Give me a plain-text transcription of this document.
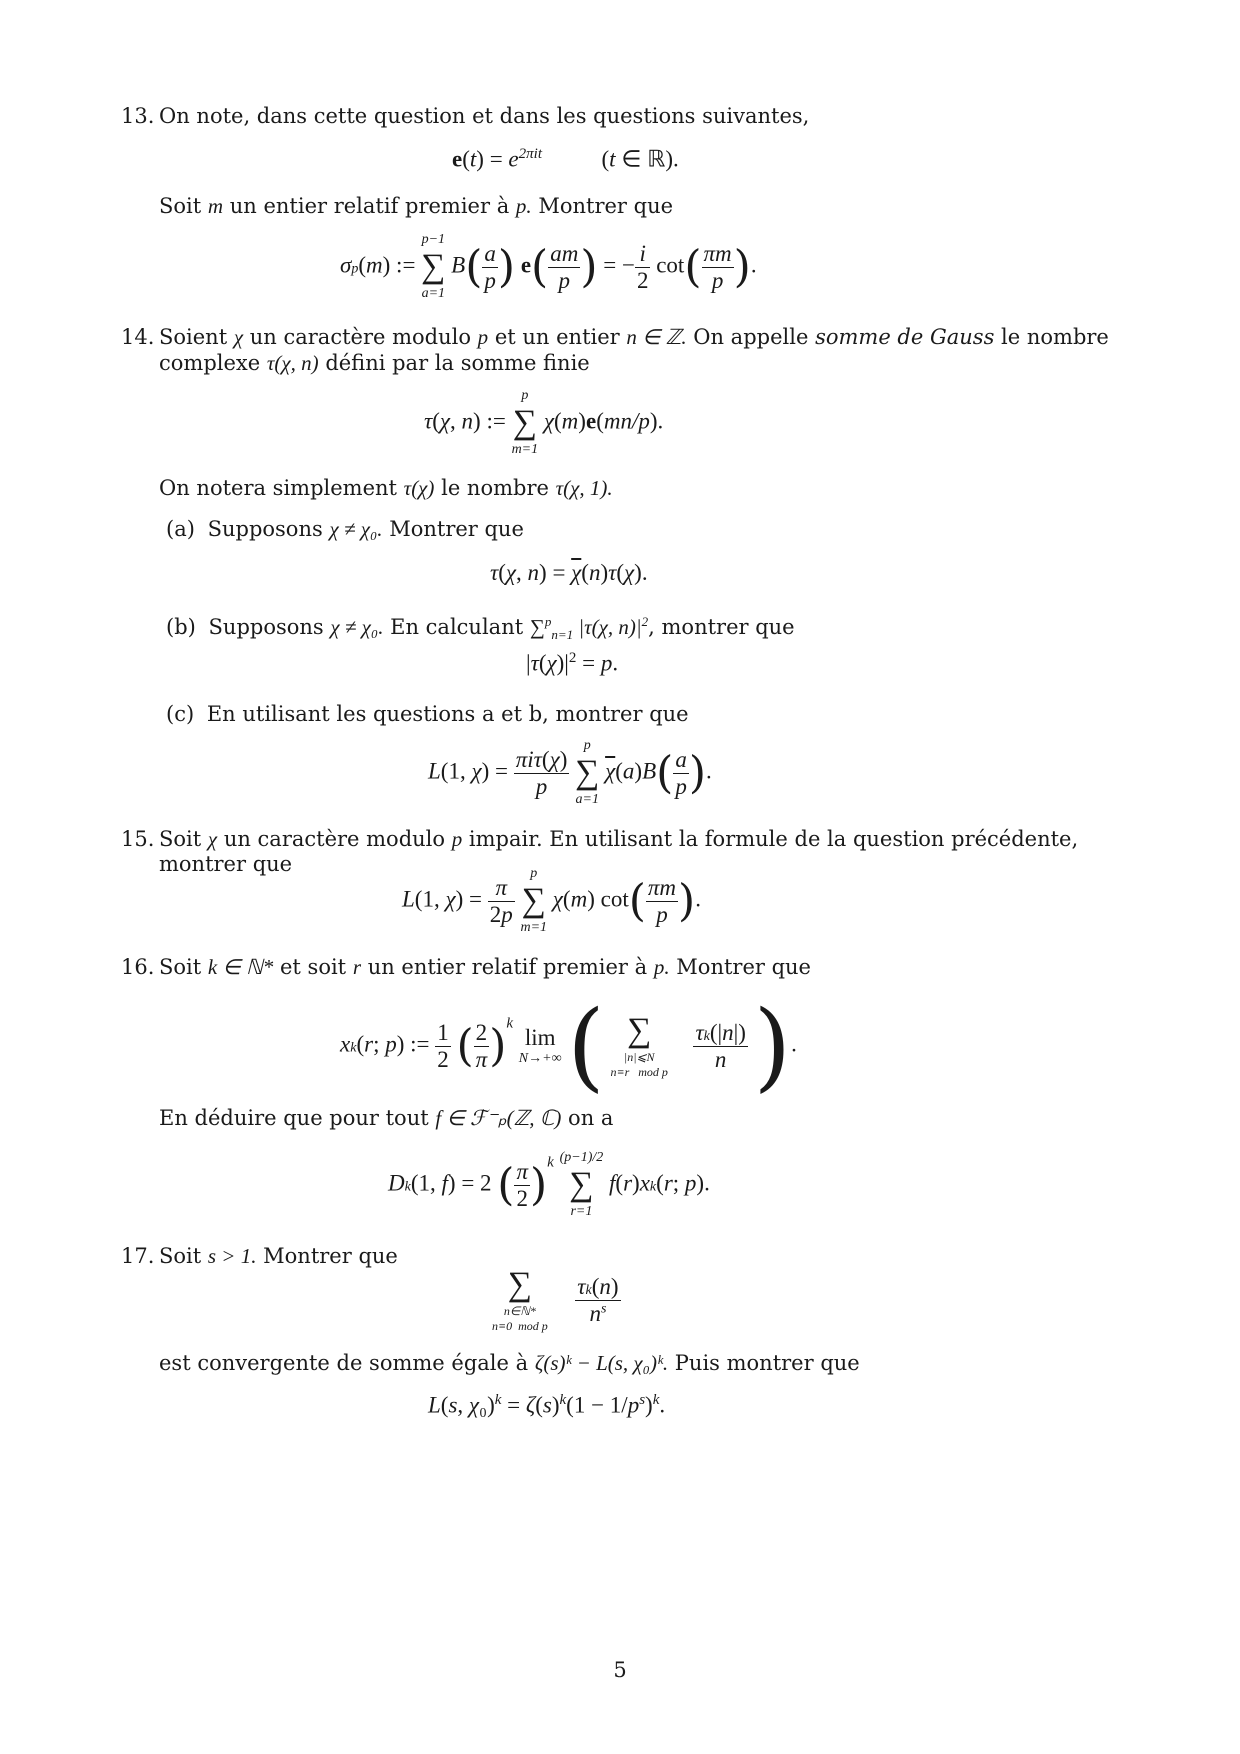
13. On note, dans cette question et dans les questions suivantes,
$e(t) = e^{2\pi it}$	(t ∈ ℝ).
Soit m un entier relatif premier à p. Montrer que
σp(m) :=
p−1
∑
a=1
$B( \frac{a}{p}$ ) $e( \frac{am}{p}$ ) = − $\frac{i}{2} \cot( \frac{\pi m}{p}$ ).
14. Soient χ un caractère modulo p et un entier n ∈ ℤ. On appelle somme de Gauss le nombre
complexe τ(χ, n) défini par la somme finie
τ(χ, n) :=
p
∑
m=1
χ(m)e(mn/p).
On notera simplement τ(χ) le nombre τ(χ, 1).
(a) Supposons χ ≠ χ₀. Montrer que
τ(χ, $n) = \overline{\chi}(n)\tau(\chi)$.
(b) Supposons χ ≠ χ₀. En calculant ∑$^p_{n=1}$ |τ(χ, $n)|^2$, montrer que
$|\tau(\chi)|^2 = p$.
(c) En utilisant les questions a et b, montrer que
L(1, $\chi) = \frac{\text{πiτ(χ)}}{p}$

p
∑
a=1
$\overline{\chi}(a)B( \frac{a}{p}$ ).
15. Soit χ un caractère modulo p impair. En utilisant la formule de la question précédente,
montrer que
L(1, $\chi) = \frac{\pi}{2p}$

p
∑
m=1
χ(m) $\cot( \frac{\pi m}{p}$ ).
16. Soit k ∈ ℕ* et soit r un entier relatif premier à p. Montrer que
xk(r; p) := $\frac{1}{2}$ ( $\frac{2}{\pi} )^k$ lim
N→+∞ ( ∑
|n|⩽N
n≡r   mod p
$\frac{\tau k(|n|)}{n}$ ).
En déduire que pour tout f ∈ ℱ⁻ₚ(ℤ, ℂ) on a
Dk(1, f) = 2 ( $\frac{\pi}{2} )^k$ (p−1)/2
∑
r=1
f(r)xk(r; p).
17. Soit s > 1. Montrer que
∑
n∈ℕ*
n≡0  mod p
$\frac{\tau k(n)}{n^s}$
est convergente de somme égale à ζ(s)ᵏ − L(s, χ₀)ᵏ. Puis montrer que
L(s, $\chi_0)^k = \zeta(s)^k(1 - 1/p^s)^k$.
5
